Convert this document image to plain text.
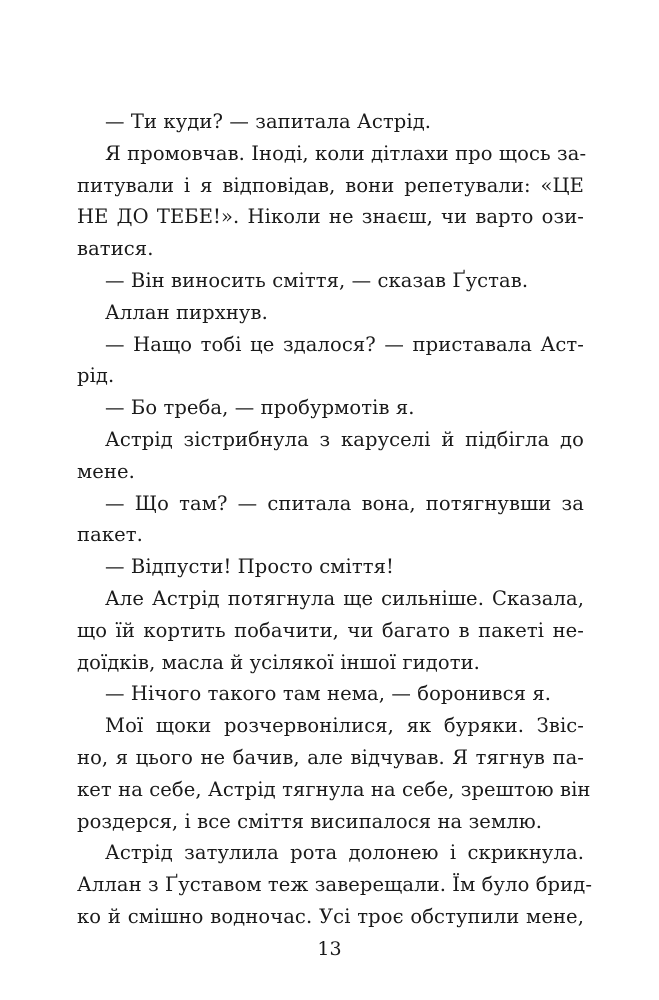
— Ти куди? — запитала Астрід.
Я промовчав. Іноді, коли дітлахи про щось за-
питували і я відповідав, вони репетували: «ЦЕ
НЕ ДО ТЕБЕ!». Ніколи не знаєш, чи варто ози-
ватися.
— Він виносить сміття, — сказав Ґустав.
Аллан пирхнув.
— Нащо тобі це здалося? — приставала Аст-
рід.
— Бо треба, — пробурмотів я.
Астрід зістрибнула з каруселі й підбігла до
мене.
— Що там? — спитала вона, потягнувши за
пакет.
— Відпусти! Просто сміття!
Але Астрід потягнула ще сильніше. Сказала,
що їй кортить побачити, чи багато в пакеті не-
доїдків, масла й усілякої іншої гидоти.
— Нічого такого там нема, — боронився я.
Мої щоки розчервонілися, як буряки. Звіс-
но, я цього не бачив, але відчував. Я тягнув па-
кет на себе, Астрід тягнула на себе, зрештою він
роздерся, і все сміття висипалося на землю.
Астрід затулила рота долонею і скрикнула.
Аллан з Ґуставом теж заверещали. Їм було брид-
ко й смішно водночас. Усі троє обступили мене,
13
